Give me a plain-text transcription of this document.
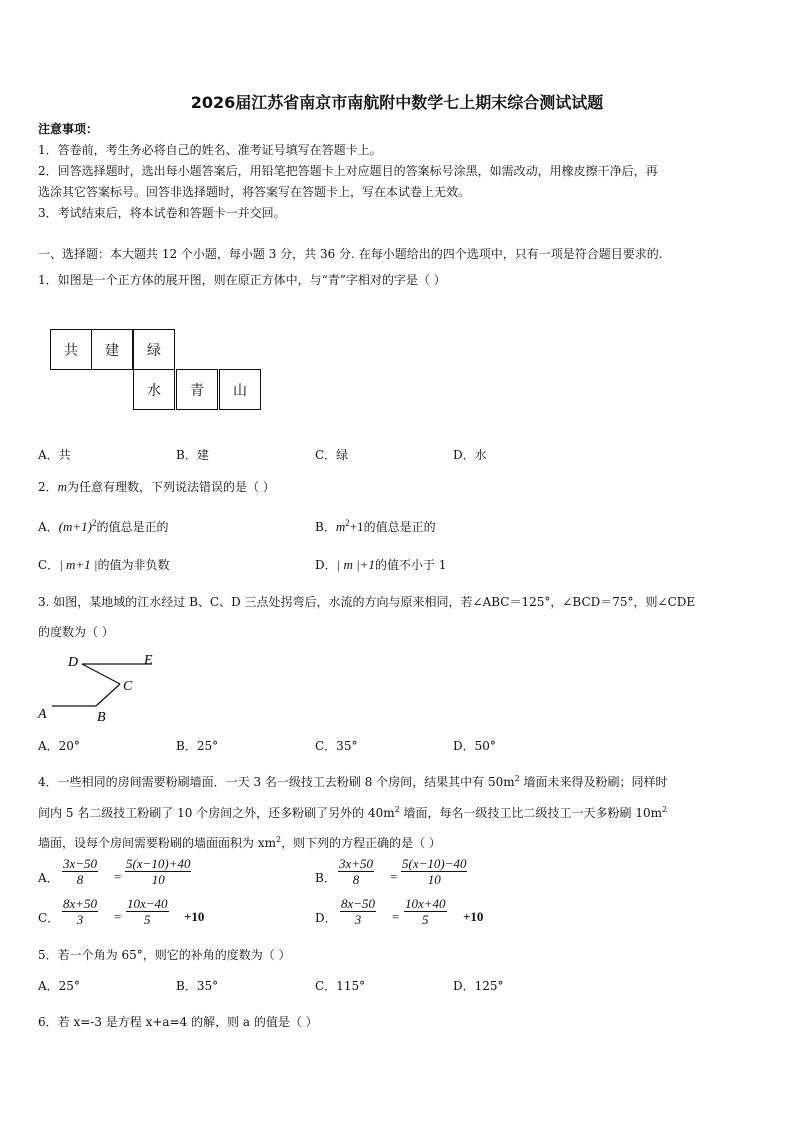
2026届江苏省南京市南航附中数学七上期末综合测试试题
注意事项：
1．答卷前，考生务必将自己的姓名、准考证号填写在答题卡上。
2．回答选择题时，选出每小题答案后，用铅笔把答题卡上对应题目的答案标号涂黑，如需改动，用橡皮擦干净后，再
选涂其它答案标号。回答非选择题时，将答案写在答题卡上，写在本试卷上无效。
3．考试结束后，将本试卷和答题卡一并交回。
一、选择题：本大题共 12 个小题，每小题 3 分，共 36 分. 在每小题给出的四个选项中，只有一项是符合题目要求的.
1．如图是一个正方体的展开图，则在原正方体中，与“青”字相对的字是（ ）
共	建	绿
水	青	山
A．共	B．建	C．绿	D．水
2．m为任意有理数，下列说法错误的是（ ）
A．$(m+1)^2$的值总是正的	B．$m^2+1$的值总是正的
C．| m+1 |的值为非负数	D．| m |+1的值不小于 1
3. 如图，某地域的江水经过 B、C、D 三点处拐弯后，水流的方向与原来相同，若∠ABC＝125°，∠BCD＝75°，则∠CDE
的度数为（ ）
D	E
C
A	B
A．20°	B．25°	C．35°	D．50°
4．一些相同的房间需要粉刷墙面．一天 3 名一级技工去粉刷 8 个房间，结果其中有 $50m^2$ 墙面未来得及粉刷；同样时
间内 5 名二级技工粉刷了 10 个房间之外，还多粉刷了另外的 $40m^2$ 墙面，每名一级技工比二级技工一天多粉刷 $10m^2$
墙面，设每个房间需要粉刷的墙面面积为 $xm^2$，则下列的方程正确的是（ ）
A． $\frac{3x-50}{8} = \frac{5(x-10)+40}{10}$	B． $\frac{3x+50}{8} = \frac{5(x-10)-40}{10}$
C． $\frac{8x+50}{3} = \frac{10x-40}{5} +10$	D． $\frac{8x-50}{3} = \frac{10x+40}{5} +10$
5．若一个角为 65°，则它的补角的度数为（ ）
A．25°	B．35°	C．115°	D．125°
6．若 x=-3 是方程 x+a=4 的解，则 a 的值是（ ）
